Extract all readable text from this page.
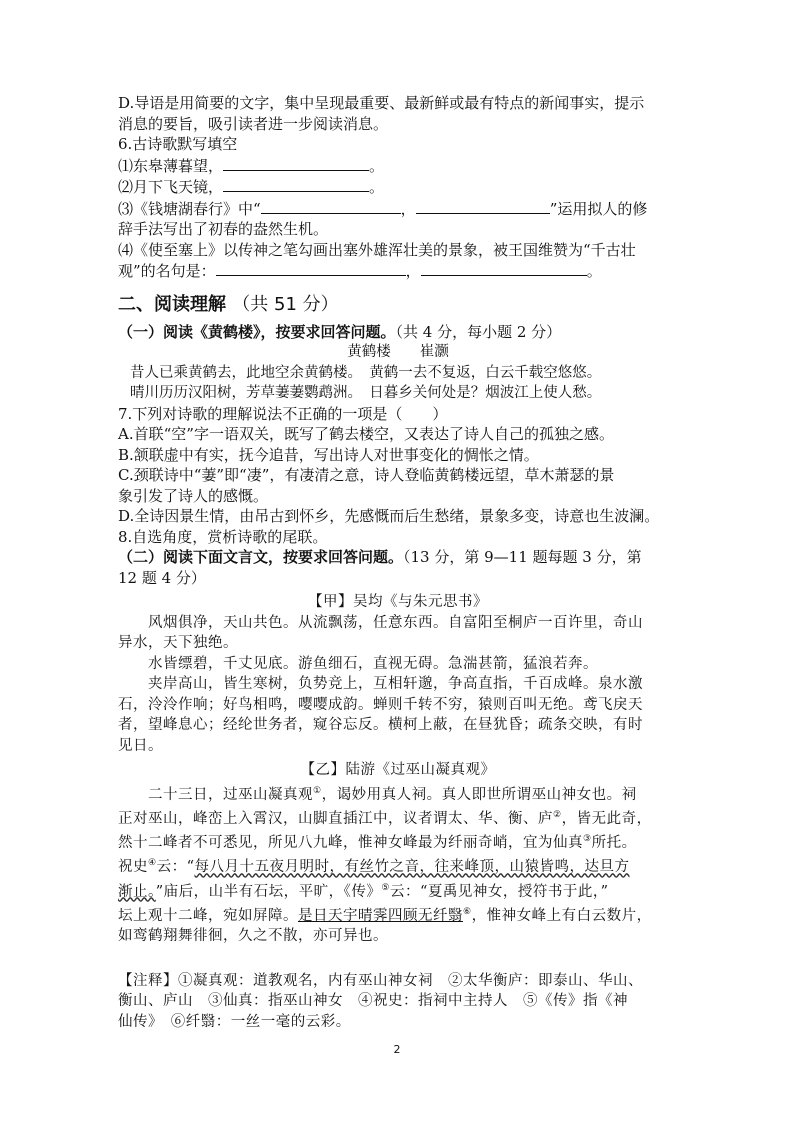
D.导语是用简要的文字，集中呈现最重要、最新鲜或最有特点的新闻事实，提示
消息的要旨，吸引读者进一步阅读消息。
6.古诗歌默写填空
⑴东皋薄暮望，	。
⑵月下飞天镜，	。
⑶《钱塘湖春行》中“	，	”运用拟人的修
辞手法写出了初春的盎然生机。
⑷《使至塞上》以传神之笔勾画出塞外雄浑壮美的景象，被王国维赞为“千古壮
观”的名句是：	，	。
二、阅读理解 （共 51 分）
（一）阅读《黄鹤楼》，按要求回答问题。（共 4 分，每小题 2 分）
黄鹤楼　　崔灏
昔人已乘黄鹤去，此地空余黄鹤楼。　黄鹤一去不复返，白云千载空悠悠。
晴川历历汉阳树，芳草萋萋鹦鹉洲。　日暮乡关何处是？烟波江上使人愁。
7.下列对诗歌的理解说法不正确的一项是（　　）
A.首联“空”字一语双关，既写了鹤去楼空，又表达了诗人自己的孤独之感。
B.颔联虚中有实，抚今追昔，写出诗人对世事变化的惆怅之情。
C.颈联诗中“萋”即“凄”，有凄清之意，诗人登临黄鹤楼远望，草木萧瑟的景
象引发了诗人的感慨。
D.全诗因景生情，由吊古到怀乡，先感慨而后生愁绪，景象多变，诗意也生波澜。
8.自选角度，赏析诗歌的尾联。
（二）阅读下面文言文，按要求回答问题。（13 分，第 9—11 题每题 3 分，第
12 题 4 分）
【甲】吴均《与朱元思书》
风烟俱净，天山共色。从流飘荡，任意东西。自富阳至桐庐一百许里，奇山
异水，天下独绝。
水皆缥碧，千丈见底。游鱼细石，直视无碍。急湍甚箭，猛浪若奔。
夹岸高山，皆生寒树，负势竞上，互相轩邈，争高直指，千百成峰。泉水激
石，泠泠作响；好鸟相鸣，嘤嘤成韵。蝉则千转不穷，猿则百叫无绝。鸢飞戾天
者，望峰息心；经纶世务者，窥谷忘反。横柯上蔽，在昼犹昏；疏条交映，有时
见日。
【乙】陆游《过巫山凝真观》
二十三日，过巫山凝真观①，谒妙用真人祠。真人即世所谓巫山神女也。祠
正对巫山，峰峦上入霄汉，山脚直插江中，议者谓太、华、衡、庐②，皆无此奇，
然十二峰者不可悉见，所见八九峰，惟神女峰最为纤丽奇峭，宜为仙真③所托。
祝史④云：“每八月十五夜月明时，有丝竹之音，往来峰顶，山猿皆鸣，达旦方
渐止。”庙后，山半有石坛，平旷，《传》⑤云：“夏禹见神女，授符书于此，”
坛上观十二峰，宛如屏障。是日天宇晴霁四顾无纤翳⑥，惟神女峰上有白云数片，
如鸾鹤翔舞徘徊，久之不散，亦可异也。
【注释】①凝真观：道教观名，内有巫山神女祠　②太华衡庐：即泰山、华山、
衡山、庐山　③仙真：指巫山神女　④祝史：指祠中主持人　⑤《传》指《神
仙传》　⑥纤翳：一丝一毫的云彩。
2
